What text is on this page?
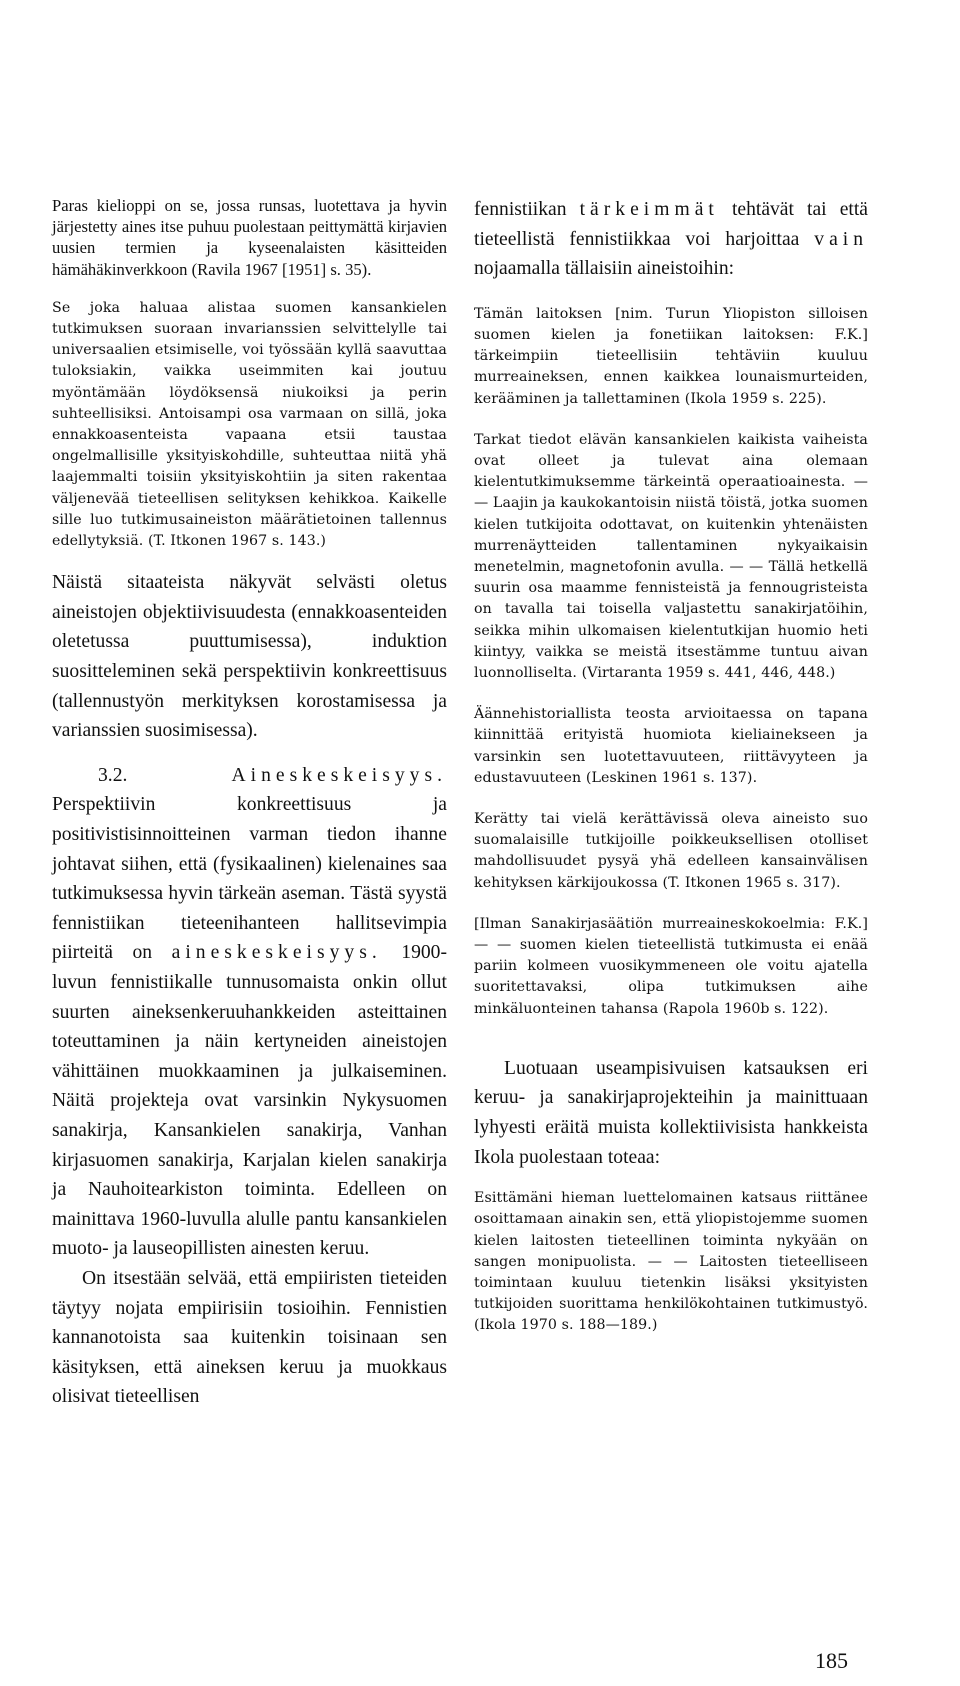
Paras kielioppi on se, jossa runsas, luotettava ja hyvin järjestetty aines itse puhuu puolestaan peittymättä kirjavien uusien termien ja kyseenalaisten käsitteiden hämähäkinverkkoon (Ravila 1967 [1951] s. 35).

Se joka haluaa alistaa suomen kansankielen tutkimuksen suoraan invarianssien selvittelylle tai universaalien etsimiselle, voi työssään kyllä saavuttaa tuloksiakin, vaikka useimmiten kai joutuu myöntämään löydöksensä niukoiksi ja perin suhteellisiksi. Antoisampi osa varmaan on sillä, joka ennakkoasenteista vapaana etsii taustaa ongelmallisille yksityiskohdille, suhteuttaa niitä yhä laajemmalti toisiin yksityiskohtiin ja siten rakentaa väljenevää tieteellisen selityksen kehikkoa. Kaikelle sille luo tutkimusaineiston määrätietoinen tallennus edellytyksiä. (T. Itkonen 1967 s. 143.)

Näistä sitaateista näkyvät selvästi oletus aineistojen objektiivisuudesta (ennakkoasenteiden oletetussa puuttumisessa), induktion suosittelеminen sekä perspektiivin konkreettisuus (tallennustyön merkityksen korostamisessa ja varianssien suosimisessa).

3.2.	Aineskeskeisyys. Perspektiivin konkreettisuus ja positivistisinnoitteinen varman tiedon ihanne johtavat siihen, että (fysikaalinen) kielenaines saa tutkimuksessa hyvin tärkeän aseman. Tästä syystä fennistiikan tieteenihanteen hallitsevimpia piirteitä on aineskeskeisyys. 1900-luvun fennistiikalle tunnusomaista onkin ollut suurten aineksenkeruuhankkeiden asteittainen toteuttaminen ja näin kertyneiden aineistojen vähittäinen muokkaaminen ja julkaiseminen. Näitä projekteja ovat varsinkin Nykysuomen sanakirja, Kansankielen sanakirja, Vanhan kirjasuomen sanakirja, Karjalan kielen sanakirja ja Nauhoitearkiston toiminta. Edelleen on mainittava 1960-luvulla alulle pantu kansankielen muoto- ja lauseopillisten ainesten keruu.

On itsestään selvää, että empiiristen tieteiden täytyy nojata empiirisiin tosioihin. Fennistien kannanotoista saa kuitenkin toisinaan sen käsityksen, että aineksen keruu ja muokkaus olisivat tieteellisen

fennistiikan tärkeimmät tehtävät tai että tieteellistä fennistiikkaa voi harjoittaa vain nojaamalla tällaisiin aineistoihin:

Tämän laitoksen [nim. Turun Yliopiston silloisen suomen kielen ja fonetiikan laitoksen: F.K.] tärkeimpiin tieteellisiin tehtäviin kuuluu murreaineksen, ennen kaikkea lounaismurteiden, kerääminen ja tallettaminen (Ikola 1959 s. 225).

Tarkat tiedot elävän kansankielen kaikista vaiheista ovat olleet ja tulevat aina olemaan kielentutkimuksemme tärkeintä operaatioainesta. — — Laajin ja kaukokantoisin niistä töistä, jotka suomen kielen tutkijoita odottavat, on kuitenkin yhtenäisten murrenäytteiden tallentaminen nykyaikaisin menetelmin, magnetofonin avulla. — — Tällä hetkellä suurin osa maamme fennisteistä ja fennougristeista on tavalla tai toisella valjastettu sanakirjatöihin, seikka mihin ulkomaisen kielentutkijan huomio heti kiintyy, vaikka se meistä itsestämme tuntuu aivan luonnolliselta. (Virtaranta 1959 s. 441, 446, 448.)

Äännehistoriallista teosta arvioitaessa on tapana kiinnittää erityistä huomiota kieliainekseen ja varsinkin sen luotettavuuteen, riittävyyteen ja edustavuuteen (Leskinen 1961 s. 137).

Kerätty tai vielä kerättävissä oleva aineisto suo suomalaisille tutkijoille poikkeuksellisen otolliset mahdollisuudet pysyä yhä edelleen kansainvälisen kehityksen kärkijoukossa (T. Itkonen 1965 s. 317).

[Ilman Sanakirjasäätiön murreaineskokoelmia: F.K.] — — suomen kielen tieteellistä tutkimusta ei enää pariin kolmeen vuosikymmeneen ole voitu ajatella suoritettavaksi, olipa tutkimuksen aihe minkäluonteinen tahansa (Rapola 1960b s. 122).

Luotuaan useampisivuisen katsauksen eri keruu- ja sanakirjaprojekteihin ja mainittuaan lyhyesti eräitä muista kollektiivisista hankkeista Ikola puolestaan toteaa:

Esittämäni hieman luettelomainen katsaus riittänee osoittamaan ainakin sen, että yliopistojemme suomen kielen laitosten tieteellinen toiminta nykyään on sangen monipuolista. — — Laitosten tieteelliseen toimintaan kuuluu tietenkin lisäksi yksityisten tutkijoiden suorittama henkilökohtainen tutkimustyö. (Ikola 1970 s. 188—189.)

185
